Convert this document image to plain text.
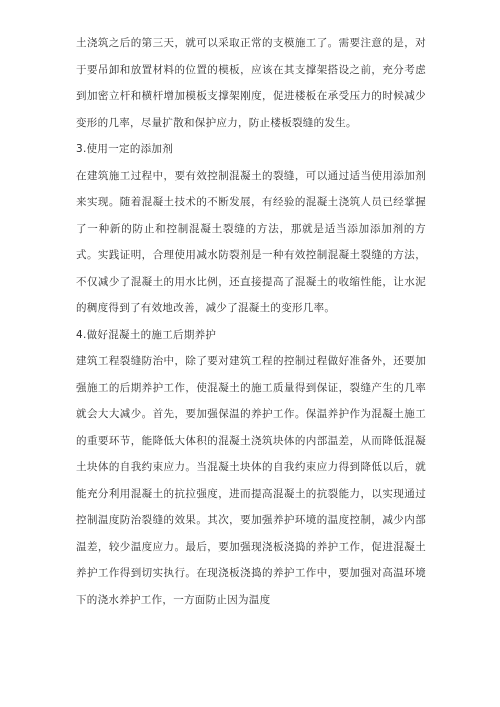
土浇筑之后的第三天，就可以采取正常的支模施工了。需要注意的是，对于要吊卸和放置材料的位置的模板，应该在其支撑架搭设之前，充分考虑到加密立杆和横杆增加模板支撑架刚度，促进楼板在承受压力的时候减少变形的几率，尽量扩散和保护应力，防止楼板裂缝的发生。

3.使用一定的添加剂

在建筑施工过程中，要有效控制混凝土的裂缝，可以通过适当使用添加剂来实现。随着混凝土技术的不断发展，有经验的混凝土浇筑人员已经掌握了一种新的防止和控制混凝土裂缝的方法，那就是适当添加添加剂的方式。实践证明，合理使用减水防裂剂是一种有效控制混凝土裂缝的方法，不仅减少了混凝土的用水比例，还直接提高了混凝土的收缩性能，让水泥的稠度得到了有效地改善，减少了混凝土的变形几率。

4.做好混凝土的施工后期养护

建筑工程裂缝防治中，除了要对建筑工程的控制过程做好准备外，还要加强施工的后期养护工作，使混凝土的施工质量得到保证，裂缝产生的几率就会大大减少。首先，要加强保温的养护工作。保温养护作为混凝土施工的重要环节，能降低大体积的混凝土浇筑块体的内部温差，从而降低混凝土块体的自我约束应力。当混凝土块体的自我约束应力得到降低以后，就能充分利用混凝土的抗拉强度，进而提高混凝土的抗裂能力，以实现通过控制温度防治裂缝的效果。其次，要加强养护环境的温度控制，减少内部温差，较少温度应力。最后，要加强现浇板浇捣的养护工作，促进混凝土养护工作得到切实执行。在现浇板浇捣的养护工作中，要加强对高温环境下的浇水养护工作，一方面防止因为温度
